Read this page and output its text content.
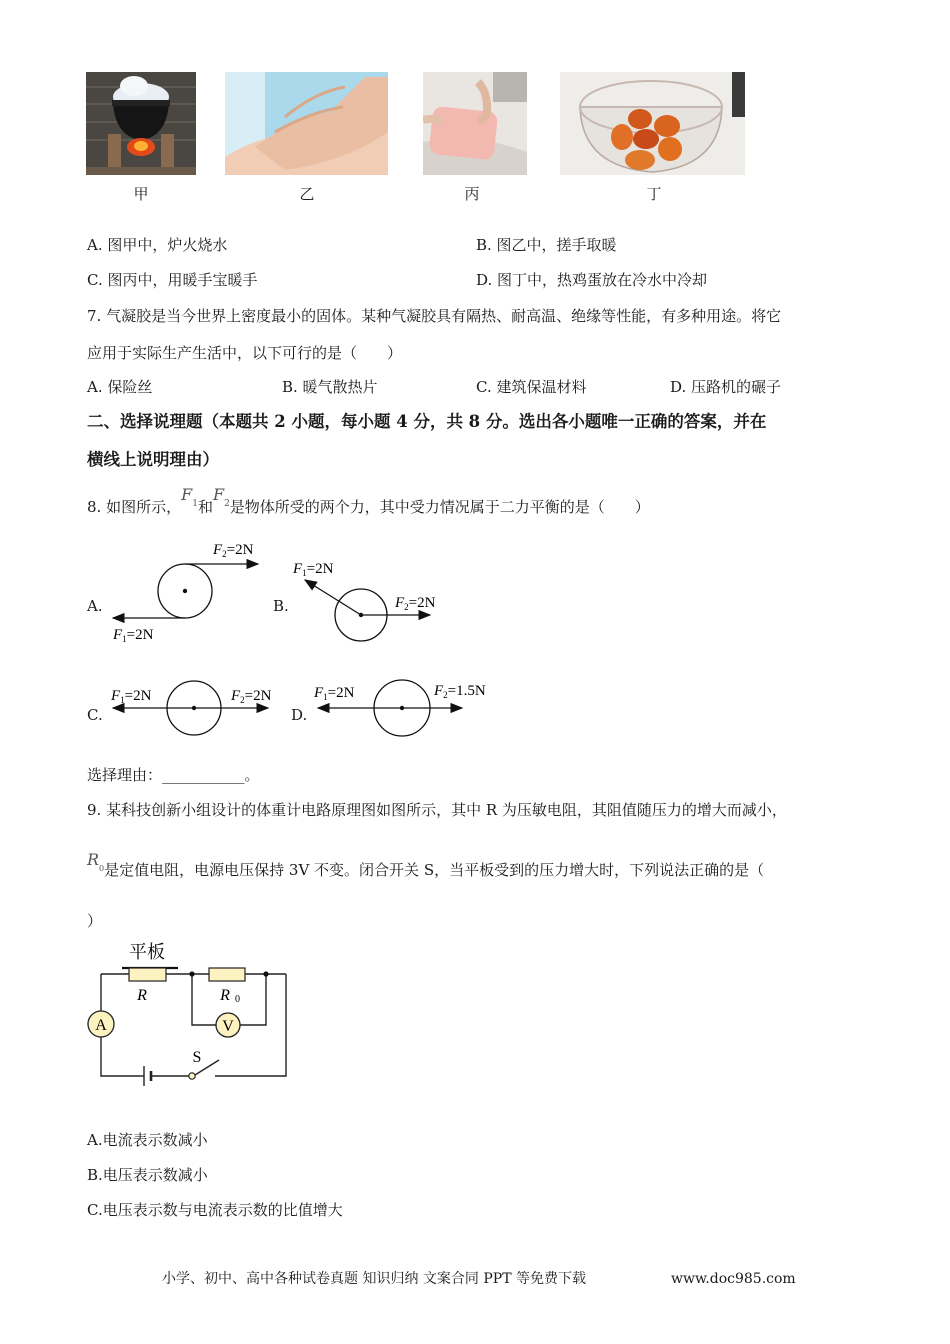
甲	乙	丙	丁
A. 图甲中，炉火烧水	B. 图乙中，搓手取暖
C. 图丙中，用暖手宝暖手	D. 图丁中，热鸡蛋放在冷水中冷却
7. 气凝胶是当今世界上密度最小的固体。某种气凝胶具有隔热、耐高温、绝缘等性能，有多种用途。将它
应用于实际生产生活中，以下可行的是（　　）
A. 保险丝	B. 暖气散热片	C. 建筑保温材料	D. 压路机的碾子
二、选择说理题（本题共 2 小题，每小题 4 分，共 8 分。选出各小题唯一正确的答案，并在
横线上说明理由）
8. 如图所示，$F_1$和$F_2$是物体所受的两个力，其中受力情况属于二力平衡的是（　　）
A.
$F_2=2N$
$F_1=2N$
B.
$F_1=2N$
$F_2=2N$
C.
$F_1=2N$	$F_2=2N$
D.
$F_1=2N$	$F_2=1.5N$
选择理由：___________。
9. 某科技创新小组设计的体重计电路原理图如图所示，其中 R 为压敏电阻，其阻值随压力的增大而减小，
$R_0$是定值电阻，电源电压保持 3V 不变。闭合开关 S，当平板受到的压力增大时，下列说法正确的是（
）
A	V
平板
R	R 0
S
A.电流表示数减小
B.电压表示数减小
C.电压表示数与电流表示数的比值增大
小学、初中、高中各种试卷真题 知识归纳 文案合同 PPT 等免费下载	www.doc985.com
